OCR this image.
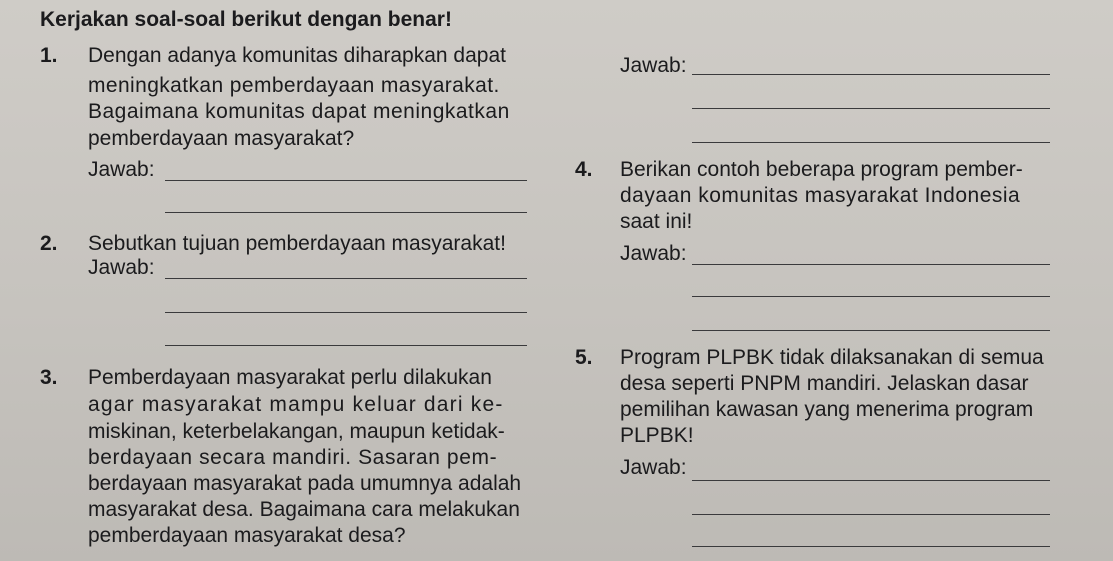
Kerjakan soal-soal berikut dengan benar!
1. Dengan adanya komunitas diharapkan dapat
meningkatkan pemberdayaan masyarakat.
Bagaimana komunitas dapat meningkatkan
pemberdayaan masyarakat?
Jawab:
Jawab:
4. Berikan contoh beberapa program pember-
dayaan komunitas masyarakat Indonesia
saat ini!
Jawab:
2. Sebutkan tujuan pemberdayaan masyarakat!
Jawab:
3. Pemberdayaan masyarakat perlu dilakukan
agar masyarakat mampu keluar dari ke-
miskinan, keterbelakangan, maupun ketidak-
berdayaan secara mandiri. Sasaran pem-
berdayaan masyarakat pada umumnya adalah
masyarakat desa. Bagaimana cara melakukan
pemberdayaan masyarakat desa?
5. Program PLPBK tidak dilaksanakan di semua
desa seperti PNPM mandiri. Jelaskan dasar
pemilihan kawasan yang menerima program
PLPBK!
Jawab:
